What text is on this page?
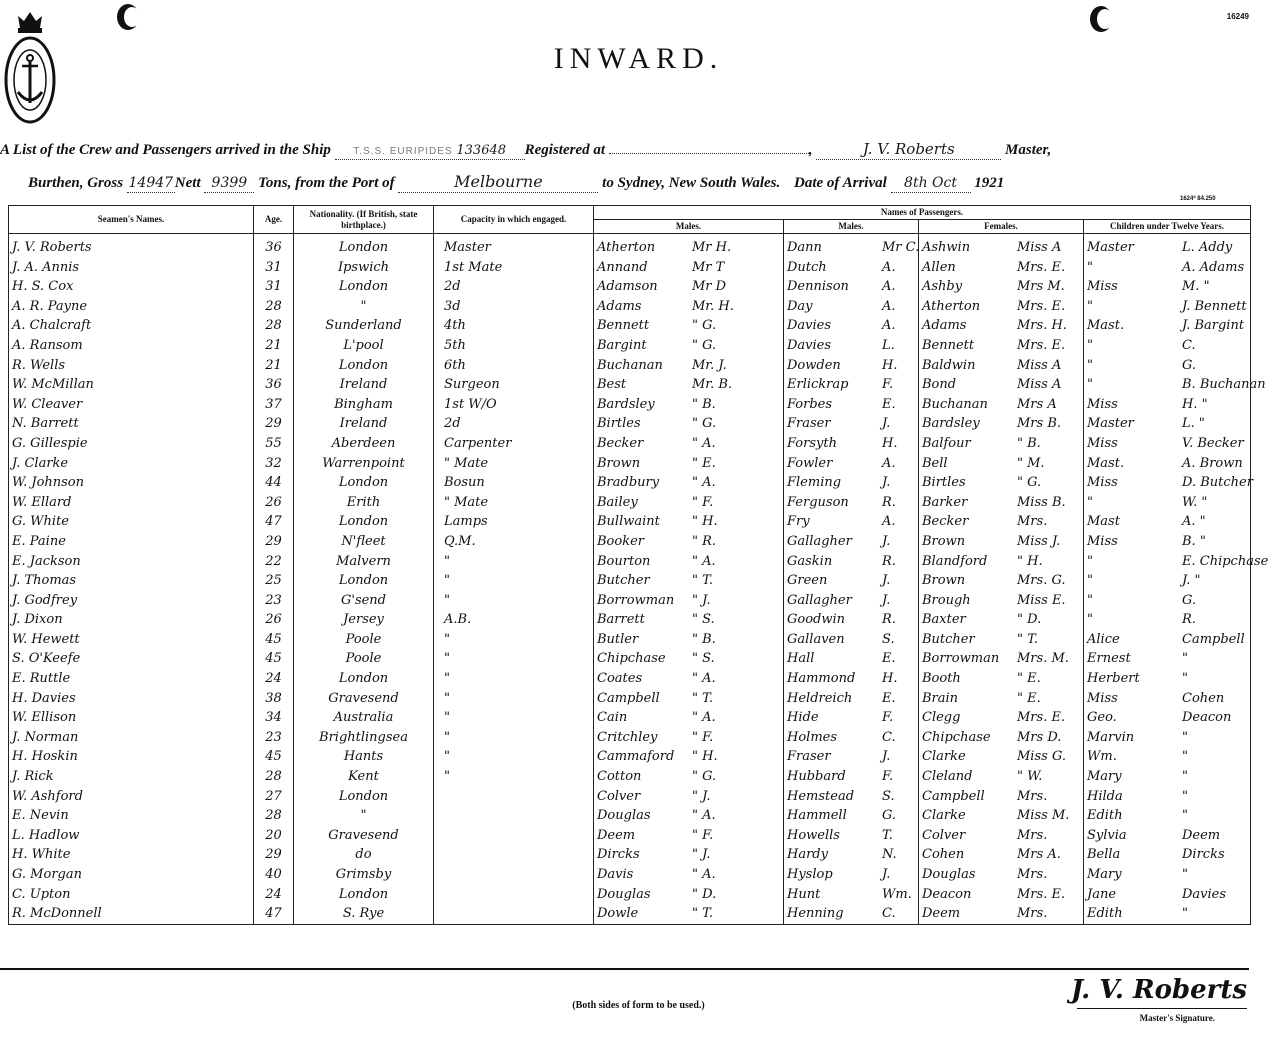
16249
INWARD.
A List of the Crew and Passengers arrived in the Ship T.S.S. EURIPIDES 133648 Registered at	,	J. V. Roberts	Master,
Burthen, Gross 14947 Nett 9399 Tons, from the Port of	Melbourne	to Sydney, New South Wales. Date of Arrival 8th Oct 1921
1624ª 84.250
Seamen's Names.	Age.	Nationality. (If British, state birthplace.)	Capacity in which engaged.	Names of Passengers.			
				Males.	Males.	Females.	Children under Twelve Years.
J. V. Roberts	36	London	Master	Atherton Mr H.	Dann Mr C.	Ashwin Miss A	Master L. Addy
J. A. Annis	31	Ipswich	1st Mate	Annand Mr T	Dutch A.	Allen Mrs. E.	" A. Adams
H. S. Cox	31	London	2d	Adamson Mr D	Dennison A.	Ashby Mrs M.	Miss M. "
A. R. Payne	28	"	3d	Adams Mr. H.	Day A.	Atherton Mrs. E.	" J. Bennett
A. Chalcraft	28	Sunderland	4th	Bennett " G.	Davies A.	Adams Mrs. H.	Mast. J. Bargint
A. Ransom	21	L'pool	5th	Bargint " G.	Davies L.	Bennett Mrs. E.	" C.
R. Wells	21	London	6th	Buchanan Mr. J.	Dowden H.	Baldwin Miss A	" G.
W. McMillan	36	Ireland	Surgeon	Best Mr. B.	Erlickrap F.	Bond Miss A	" B. Buchanan
W. Cleaver	37	Bingham	1st W/O	Bardsley " B.	Forbes E.	Buchanan Mrs A	Miss H. "
N. Barrett	29	Ireland	2d	Birtles " G.	Fraser J.	Bardsley Mrs B.	Master L. "
G. Gillespie	55	Aberdeen	Carpenter	Becker " A.	Forsyth H.	Balfour " B.	Miss V. Becker
J. Clarke	32	Warrenpoint	" Mate	Brown " E.	Fowler A.	Bell " M.	Mast. A. Brown
W. Johnson	44	London	Bosun	Bradbury " A.	Fleming J.	Birtles " G.	Miss D. Butcher
W. Ellard	26	Erith	" Mate	Bailey " F.	Ferguson R.	Barker Miss B.	" W. "
G. White	47	London	Lamps	Bullwaint " H.	Fry A.	Becker Mrs.	Mast A. "
E. Paine	29	N'fleet	Q.M.	Booker " R.	Gallagher J.	Brown Miss J.	Miss B. "
E. Jackson	22	Malvern	"	Bourton " A.	Gaskin R.	Blandford " H.	" E. Chipchase
J. Thomas	25	London	"	Butcher " T.	Green J.	Brown Mrs. G.	" J. "
J. Godfrey	23	G'send	"	Borrowman " J.	Gallagher J.	Brough Miss E.	" G.
J. Dixon	26	Jersey	A.B.	Barrett " S.	Goodwin R.	Baxter " D.	" R.
W. Hewett	45	Poole	"	Butler " B.	Gallaven S.	Butcher " T.	Alice Campbell
S. O'Keefe	45	Poole	"	Chipchase " S.	Hall E.	Borrowman Mrs. M.	Ernest "
E. Ruttle	24	London	"	Coates " A.	Hammond H.	Booth " E.	Herbert "
H. Davies	38	Gravesend	"	Campbell " T.	Heldreich E.	Brain " E.	Miss Cohen
W. Ellison	34	Australia	"	Cain " A.	Hide F.	Clegg Mrs. E.	Geo. Deacon
J. Norman	23	Brightlingsea	"	Critchley " F.	Holmes C.	Chipchase Mrs D.	Marvin "
H. Hoskin	45	Hants	"	Cammaford " H.	Fraser J.	Clarke Miss G.	Wm. "
J. Rick	28	Kent	"	Cotton " G.	Hubbard F.	Cleland " W.	Mary "
W. Ashford	27	London		Colver " J.	Hemstead S.	Campbell Mrs.	Hilda "
E. Nevin	28	"		Douglas " A.	Hammell G.	Clarke Miss M.	Edith "
L. Hadlow	20	Gravesend		Deem " F.	Howells T.	Colver Mrs.	Sylvia Deem
H. White	29	do		Dircks " J.	Hardy N.	Cohen Mrs A.	Bella Dircks
G. Morgan	40	Grimsby		Davis " A.	Hyslop J.	Douglas Mrs.	Mary "
C. Upton	24	London		Douglas " D.	Hunt Wm.	Deacon Mrs. E.	Jane Davies
R. McDonnell	47	S. Rye		Dowle " T.	Henning C.	Deem Mrs.	Edith "
(Both sides of form to be used.)
J. V. Roberts
Master's Signature.
